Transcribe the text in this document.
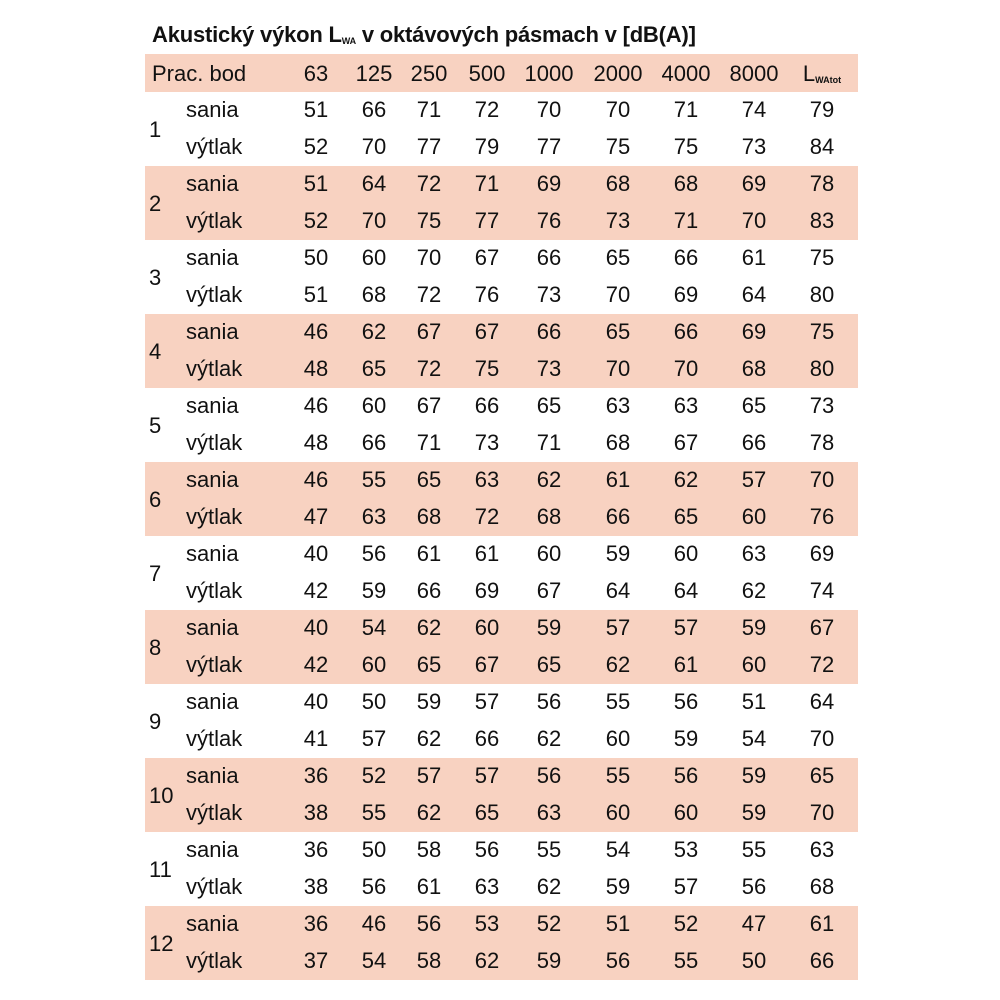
Akustický výkon $L_{WA}$ v oktávových pásmach v [dB(A)]
Prac. bod	63 125 250 500 1000 2000 4000 8000 $L_{WAtot}$
1
sania	51 66 71 72 70 70 71 74 79
výtlak	52 70 77 79 77 75 75 73 84
2
sania	51 64 72 71 69 68 68 69 78
výtlak	52 70 75 77 76 73 71 70 83
3
sania	50 60 70 67 66 65 66 61 75
výtlak	51 68 72 76 73 70 69 64 80
4
sania	46 62 67 67 66 65 66 69 75
výtlak	48 65 72 75 73 70 70 68 80
5
sania	46 60 67 66 65 63 63 65 73
výtlak	48 66 71 73 71 68 67 66 78
6
sania	46 55 65 63 62 61 62 57 70
výtlak	47 63 68 72 68 66 65 60 76
7
sania	40 56 61 61 60 59 60 63 69
výtlak	42 59 66 69 67 64 64 62 74
8
sania	40 54 62 60 59 57 57 59 67
výtlak	42 60 65 67 65 62 61 60 72
9
sania	40 50 59 57 56 55 56 51 64
výtlak	41 57 62 66 62 60 59 54 70
10
sania	36 52 57 57 56 55 56 59 65
výtlak	38 55 62 65 63 60 60 59 70
11
sania	36 50 58 56 55 54 53 55 63
výtlak	38 56 61 63 62 59 57 56 68
12
sania	36 46 56 53 52 51 52 47 61
výtlak	37 54 58 62 59 56 55 50 66
